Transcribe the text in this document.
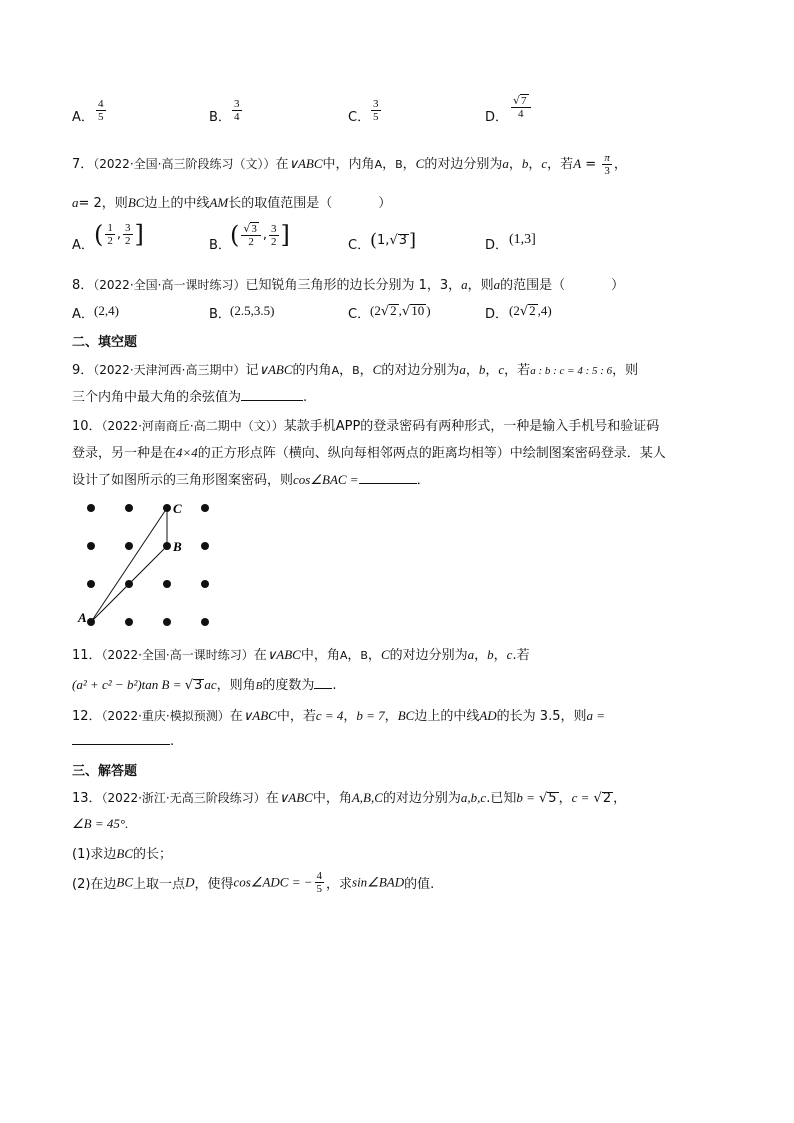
A． $\frac{4}{5}$	B． $\frac{3}{4}$	C． $\frac{3}{5}$	D． $\frac{√7}{4}$
7．（2022·全国·高三阶段练习（文））在∨ABC中，内角A，B，C的对边分别为a，b，c，若$A = \frac{\pi}{3}$ ，
a= 2，则BC边上的中线AM长的取值范围是（	）
A． ( $\frac{1}{2}$ , $\frac{3}{2}$ ]	B． ( $\frac{√3}{2}$ , $\frac{3}{2}$ ]	C． (1,√3 ]	D． (1,3]
8．（2022·全国·高一课时练习）已知锐角三角形的边长分别为 1，3，a，则a的范围是（	）
A． (2,4)	B． (2.5,3.5)	C． (2√2 ,√10 )	D． (2√2 ,4)
二、填空题
9．（2022·天津河西·高三期中）记∨ABC的内角A，B，C的对边分别为a，b，c，若a : b : c = 4 : 5 : 6，则
三个内角中最大角的余弦值为	.
10．（2022·河南商丘·高二期中（文））某款手机APP的登录密码有两种形式，一种是输入手机号和验证码
登录，另一种是在4×4的正方形点阵（横向、纵向每相邻两点的距离均相等）中绘制图案密码登录．某人
设计了如图所示的三角形图案密码，则cos∠BAC =	．
A
B
C
11．（2022·全国·高一课时练习）在∨ABC中，角A，B，C的对边分别为a，b，c.若
(a² + c² − b²)tan B = √3 ac，则角B的度数为 .
12．（2022·重庆·模拟预测）在∨ABC中，若c = 4，b = 7，BC边上的中线AD的长为 3.5，则a =
.
三、解答题
13．（2022·浙江·无高三阶段练习）在∨ABC中，角A,B,C的对边分别为a,b,c.已知b = √5 ，c = √2 ，
∠B = 45°.
(1)求边BC的长；
(2)在边BC上取一点D，使得cos∠ADC = − $\frac{4}{5}$ ，求sin∠BAD的值.
